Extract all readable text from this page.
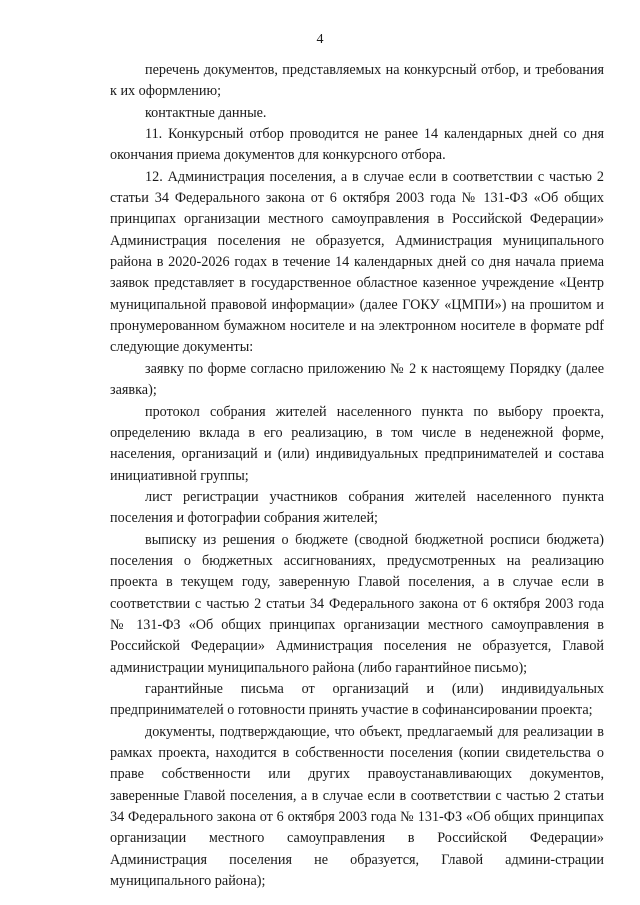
4

перечень документов, представляемых на конкурсный отбор, и требования к их оформлению;

контактные данные.

11. Конкурсный отбор проводится не ранее 14 календарных дней со дня окончания приема документов для конкурсного отбора.

12. Администрация поселения, а в случае если в соответствии с частью 2 статьи 34 Федерального закона от 6 октября 2003 года № 131-ФЗ «Об общих принципах организации местного самоуправления в Российской Федерации» Администрация поселения не образуется, Администрация муниципального района в 2020-2026 годах в течение 14 календарных дней со дня начала приема заявок представляет в государственное областное казенное учреждение «Центр муниципальной правовой информации» (далее ГОКУ «ЦМПИ») на прошитом и пронумерованном бумажном носителе и на электронном носителе в формате pdf следующие документы:

заявку по форме согласно приложению № 2 к настоящему Порядку (далее заявка);

протокол собрания жителей населенного пункта по выбору проекта, определению вклада в его реализацию, в том числе в неденежной форме, населения, организаций и (или) индивидуальных предпринимателей и состава инициативной группы;

лист регистрации участников собрания жителей населенного пункта поселения и фотографии собрания жителей;

выписку из решения о бюджете (сводной бюджетной росписи бюджета) поселения о бюджетных ассигнованиях, предусмотренных на реализацию проекта в текущем году, заверенную Главой поселения, а в случае если в соответствии с частью 2 статьи 34 Федерального закона от 6 октября 2003 года № 131-ФЗ «Об общих принципах организации местного самоуправления в Российской Федерации» Администрация поселения не образуется, Главой администрации муниципального района (либо гарантийное письмо);

гарантийные письма от организаций и (или) индивидуальных предпринимателей о готовности принять участие в софинансировании проекта;

документы, подтверждающие, что объект, предлагаемый для реализации в рамках проекта, находится в собственности поселения (копии свидетельства о праве собственности или других правоустанавливающих документов, заверенные Главой поселения, а в случае если в соответствии с частью 2 статьи 34 Федерального закона от 6 октября 2003 года № 131-ФЗ «Об общих принципах организации местного самоуправления в Российской Федерации» Администрация поселения не образуется, Главой админи-страции муниципального района);
